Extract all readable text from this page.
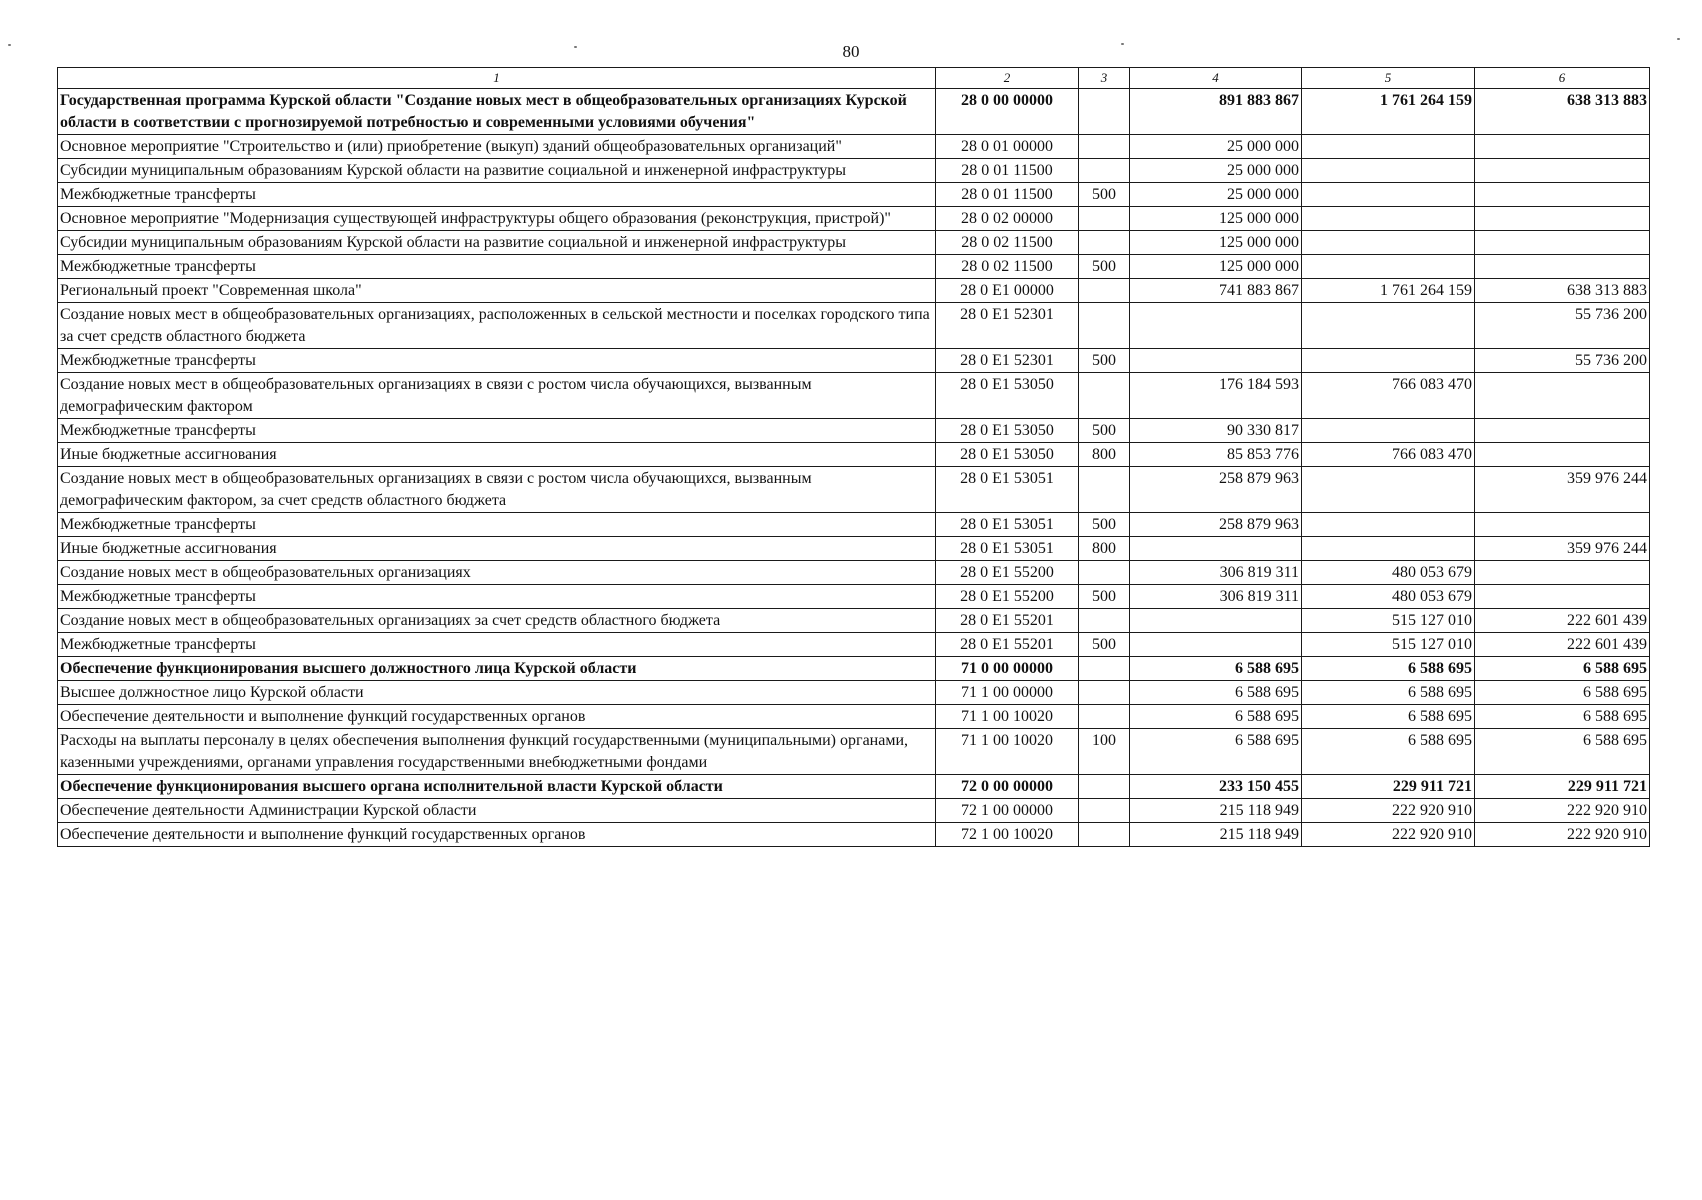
80
1	2	3	4	5	6
Государственная программа Курской области "Создание новых мест в общеобразовательных организациях Курской области в соответствии с прогнозируемой потребностью и современными условиями обучения"	28 0 00 00000		891 883 867	1 761 264 159	638 313 883
Основное мероприятие "Строительство и (или) приобретение (выкуп) зданий общеобразовательных организаций"	28 0 01 00000		25 000 000		
Субсидии муниципальным образованиям Курской области на развитие социальной и инженерной инфраструктуры	28 0 01 11500		25 000 000		
Межбюджетные трансферты	28 0 01 11500	500	25 000 000		
Основное мероприятие "Модернизация существующей инфраструктуры общего образования (реконструкция, пристрой)"	28 0 02 00000		125 000 000		
Субсидии муниципальным образованиям Курской области на развитие социальной и инженерной инфраструктуры	28 0 02 11500		125 000 000		
Межбюджетные трансферты	28 0 02 11500	500	125 000 000		
Региональный проект "Современная школа"	28 0 E1 00000		741 883 867	1 761 264 159	638 313 883
Создание новых мест в общеобразовательных организациях, расположенных в сельской местности и поселках городского типа за счет средств областного бюджета	28 0 E1 52301				55 736 200
Межбюджетные трансферты	28 0 E1 52301	500			55 736 200
Создание новых мест в общеобразовательных организациях в связи с ростом числа обучающихся, вызванным демографическим фактором	28 0 E1 53050		176 184 593	766 083 470	
Межбюджетные трансферты	28 0 E1 53050	500	90 330 817		
Иные бюджетные ассигнования	28 0 E1 53050	800	85 853 776	766 083 470	
Создание новых мест в общеобразовательных организациях в связи с ростом числа обучающихся, вызванным демографическим фактором, за счет средств областного бюджета	28 0 E1 53051		258 879 963		359 976 244
Межбюджетные трансферты	28 0 E1 53051	500	258 879 963		
Иные бюджетные ассигнования	28 0 E1 53051	800			359 976 244
Создание новых мест в общеобразовательных организациях	28 0 E1 55200		306 819 311	480 053 679	
Межбюджетные трансферты	28 0 E1 55200	500	306 819 311	480 053 679	
Создание новых мест в общеобразовательных организациях за счет средств областного бюджета	28 0 E1 55201			515 127 010	222 601 439
Межбюджетные трансферты	28 0 E1 55201	500		515 127 010	222 601 439
Обеспечение функционирования высшего должностного лица Курской области	71 0 00 00000		6 588 695	6 588 695	6 588 695
Высшее должностное лицо Курской области	71 1 00 00000		6 588 695	6 588 695	6 588 695
Обеспечение деятельности и выполнение функций государственных органов	71 1 00 10020		6 588 695	6 588 695	6 588 695
Расходы на выплаты персоналу в целях обеспечения выполнения функций государственными (муниципальными) органами, казенными учреждениями, органами управления государственными внебюджетными фондами	71 1 00 10020	100	6 588 695	6 588 695	6 588 695
Обеспечение функционирования высшего органа исполнительной власти Курской области	72 0 00 00000		233 150 455	229 911 721	229 911 721
Обеспечение деятельности Администрации Курской области	72 1 00 00000		215 118 949	222 920 910	222 920 910
Обеспечение деятельности и выполнение функций государственных органов	72 1 00 10020		215 118 949	222 920 910	222 920 910
